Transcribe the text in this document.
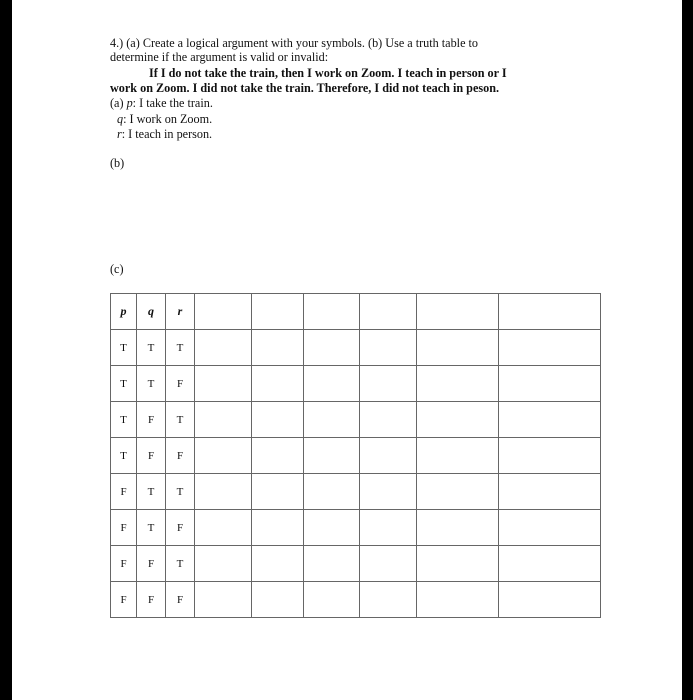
4.) (a) Create a logical argument with your symbols. (b) Use a truth table to
determine if the argument is valid or invalid:
If I do not take the train, then I work on Zoom. I teach in person or I
work on Zoom. I did not take the train. Therefore, I did not teach in peson.
(a) p: I take the train.
q: I work on Zoom.
r: I teach in person.
(b)
(c)
p	q	r						
T	T	T						
T	T	F						
T	F	T						
T	F	F						
F	T	T						
F	T	F						
F	F	T						
F	F	F						
